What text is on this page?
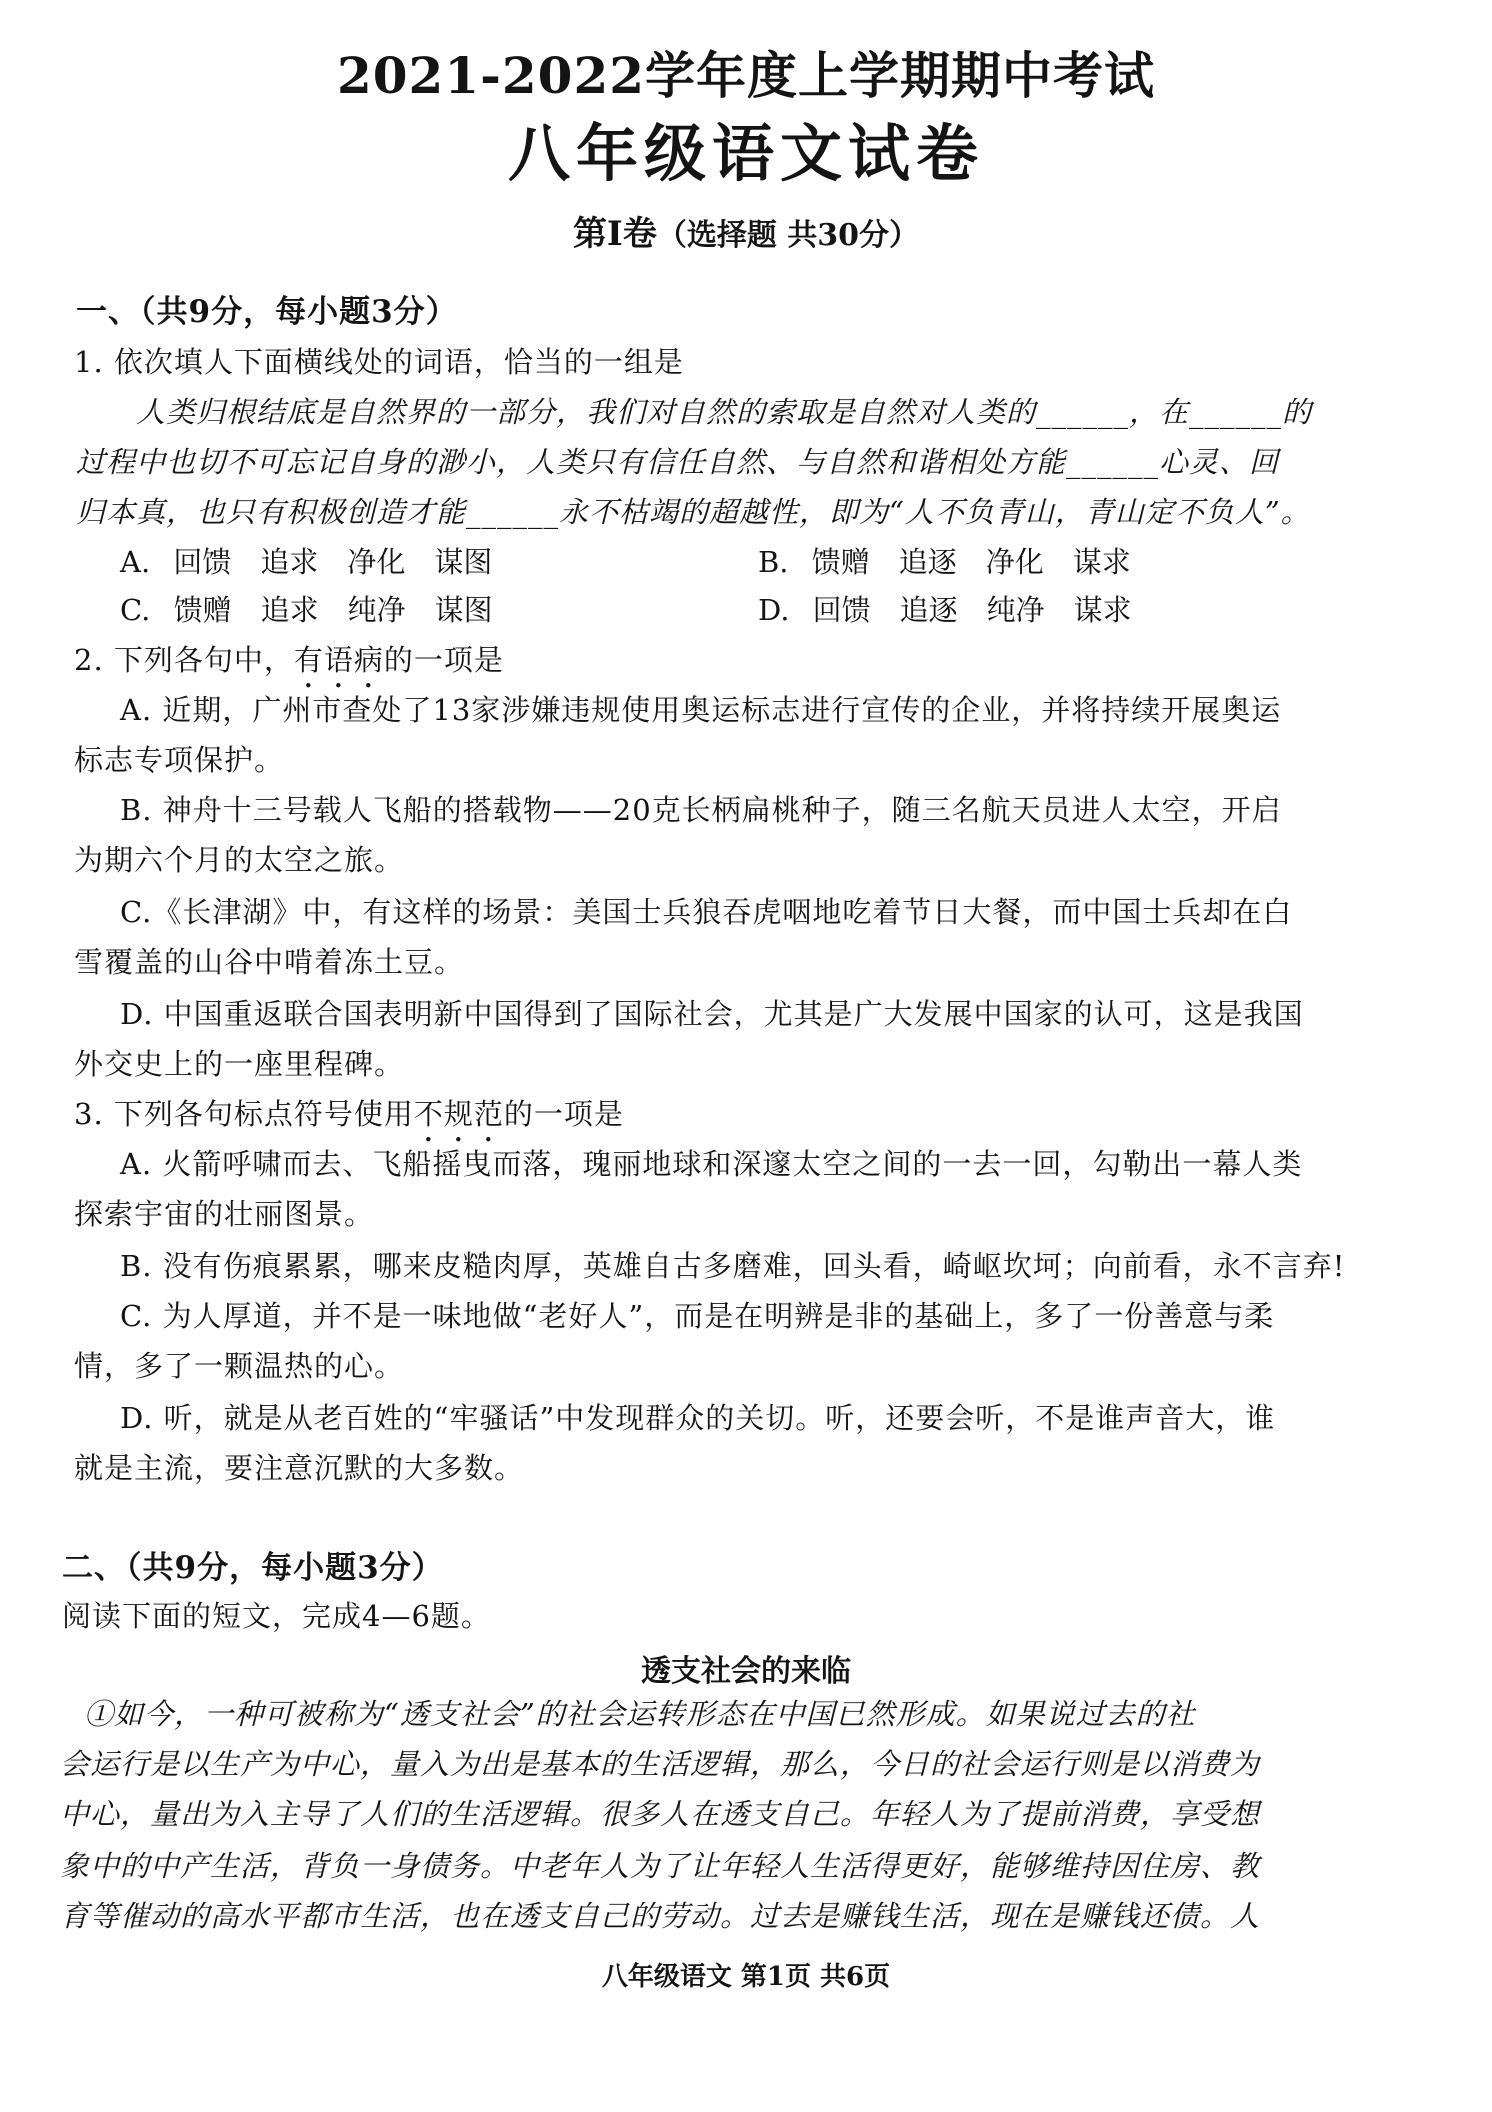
2021-2022学年度上学期期中考试
八年级语文试卷
第Ⅰ卷（选择题 共30分）
一、（共9分，每小题3分）
1. 依次填人下面横线处的词语，恰当的一组是
人类归根结底是自然界的一部分，我们对自然的索取是自然对人类的______，在______的
过程中也切不可忘记自身的渺小，人类只有信任自然、与自然和谐相处方能______心灵、回
归本真，也只有积极创造才能______永不枯竭的超越性，即为“人不负青山，青山定不负人”。
A. 回馈　追求　净化　谋图	B. 馈赠　追逐　净化　谋求
C. 馈赠　追求　纯净　谋图	D. 回馈　追逐　纯净　谋求
2. 下列各句中，有语病的一项是
A. 近期，广州市查处了13家涉嫌违规使用奥运标志进行宣传的企业，并将持续开展奥运
标志专项保护。
B. 神舟十三号载人飞船的搭载物——20克长柄扁桃种子，随三名航天员进人太空，开启
为期六个月的太空之旅。
C.《长津湖》中，有这样的场景：美国士兵狼吞虎咽地吃着节日大餐，而中国士兵却在白
雪覆盖的山谷中啃着冻土豆。
D. 中国重返联合国表明新中国得到了国际社会，尤其是广大发展中国家的认可，这是我国
外交史上的一座里程碑。
3. 下列各句标点符号使用不规范的一项是
A. 火箭呼啸而去、飞船摇曳而落，瑰丽地球和深邃太空之间的一去一回，勾勒出一幕人类
探索宇宙的壮丽图景。
B. 没有伤痕累累，哪来皮糙肉厚，英雄自古多磨难，回头看，崎岖坎坷；向前看，永不言弃!
C. 为人厚道，并不是一味地做“老好人”，而是在明辨是非的基础上，多了一份善意与柔
情，多了一颗温热的心。
D. 听，就是从老百姓的“牢骚话”中发现群众的关切。听，还要会听，不是谁声音大，谁
就是主流，要注意沉默的大多数。
二、（共9分，每小题3分）
阅读下面的短文，完成4—6题。
透支社会的来临
①如今，一种可被称为“透支社会”的社会运转形态在中国已然形成。如果说过去的社
会运行是以生产为中心，量入为出是基本的生活逻辑，那么，今日的社会运行则是以消费为
中心，量出为入主导了人们的生活逻辑。很多人在透支自己。年轻人为了提前消费，享受想
象中的中产生活，背负一身债务。中老年人为了让年轻人生活得更好，能够维持因住房、教
育等催动的高水平都市生活，也在透支自己的劳动。过去是赚钱生活，现在是赚钱还债。人
八年级语文 第1页 共6页
